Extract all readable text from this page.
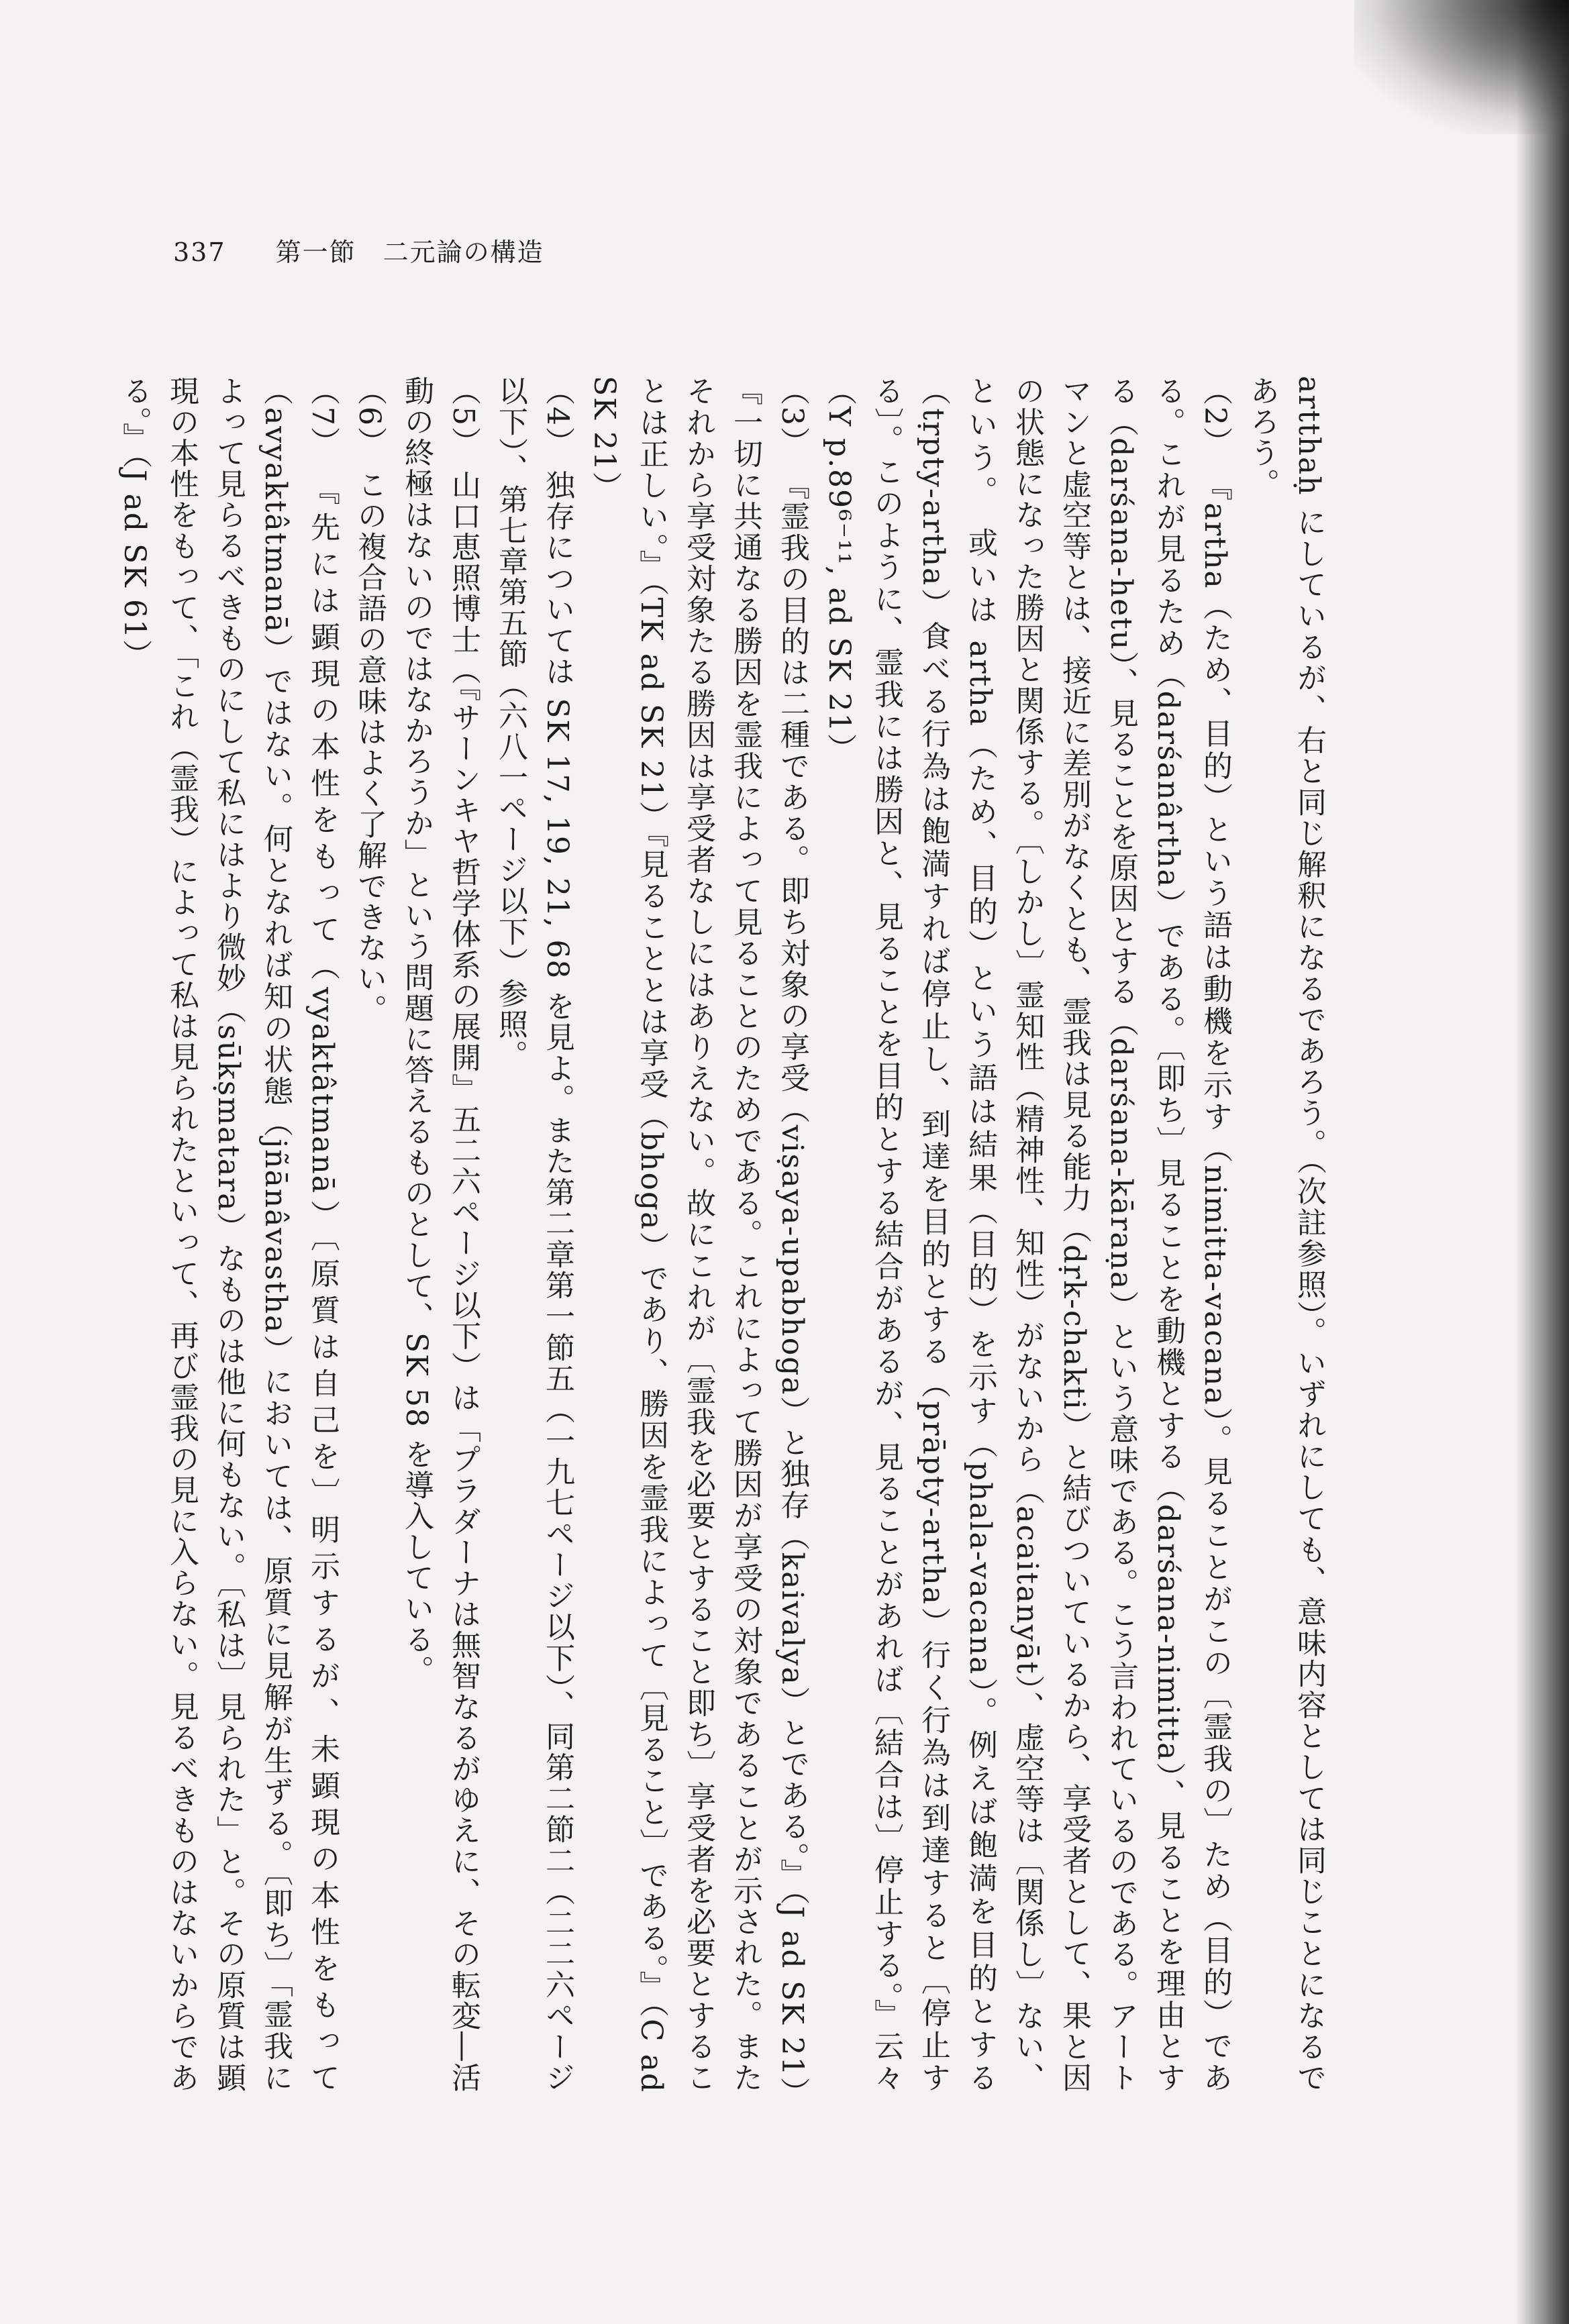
337 第一節　二元論の構造

artthaḥ にしているが、右と同じ解釈になるであろう。（次註参照）。いずれにしても、意味内容としては同じことになるであろう。

（2）『artha（ため、目的）という語は動機を示す（nimitta-vacana）。見ることがこの〔霊我の〕ため（目的）である。これが見るため（darśanârtha）である。〔即ち〕見ることを動機とする（darśana-nimitta）、見ることを理由とする（darśana-hetu）、見ることを原因とする（darśana-kāraṇa）という意味である。こう言われているのである。アートマンと虚空等とは、接近に差別がなくとも、霊我は見る能力（dṛk-chakti）と結びついているから、享受者として、果と因の状態になった勝因と関係する。〔しかし〕霊知性（精神性、知性）がないから（acaitanyāt）、虚空等は〔関係し〕ない、という。　或いは artha（ため、目的）という語は結果（目的）を示す（phala-vacana）。例えば飽満を目的とする（tṛpty-artha）食べる行為は飽満すれば停止し、到達を目的とする（prāpty-artha）行く行為は到達すると〔停止する〕。このように、霊我には勝因と、見ることを目的とする結合があるが、見ることがあれば〔結合は〕停止する。』云々（Y p.89⁶⁻¹¹, ad SK 21）

（3）『霊我の目的は二種である。即ち対象の享受（viṣaya-upabhoga）と独存（kaivalya）とである。』（J ad SK 21）『一切に共通なる勝因を霊我によって見ることのためである。これによって勝因が享受の対象であることが示された。またそれから享受対象たる勝因は享受者なしにはありえない。故にこれが〔霊我を必要とすること即ち〕享受者を必要とすることは正しい。』（TK ad SK 21）『見ることとは享受（bhoga）であり、勝因を霊我によって〔見ること〕である。』（C ad SK 21）

（4）独存については SK 17, 19, 21, 68 を見よ。また第二章第一節五（一九七ページ以下）、同第二節二（二二六ページ以下）、第七章第五節（六八一ページ以下）参照。

（5）山口恵照博士（『サーンキヤ哲学体系の展開』五二六ページ以下）は「プラダーナは無智なるがゆえに、その転変―活動の終極はないのではなかろうか」という問題に答えるものとして、SK 58 を導入している。

（6）この複合語の意味はよく了解できない。

（7）『先には顕現の本性をもって（vyaktâtmanā）〔原質は自己を〕明示するが、未顕現の本性をもって（avyaktâtmanā）ではない。何となれば知の状態（jñānâvastha）においては、原質に見解が生ずる。〔即ち〕「霊我によって見らるべきものにして私にはより微妙（sūkṣmatara）なものは他に何もない。〔私は〕見られた」と。その原質は顕現の本性をもって、「これ（霊我）によって私は見られたといって、再び霊我の見に入らない。見るべきものはないからである。』（J ad SK 61）
